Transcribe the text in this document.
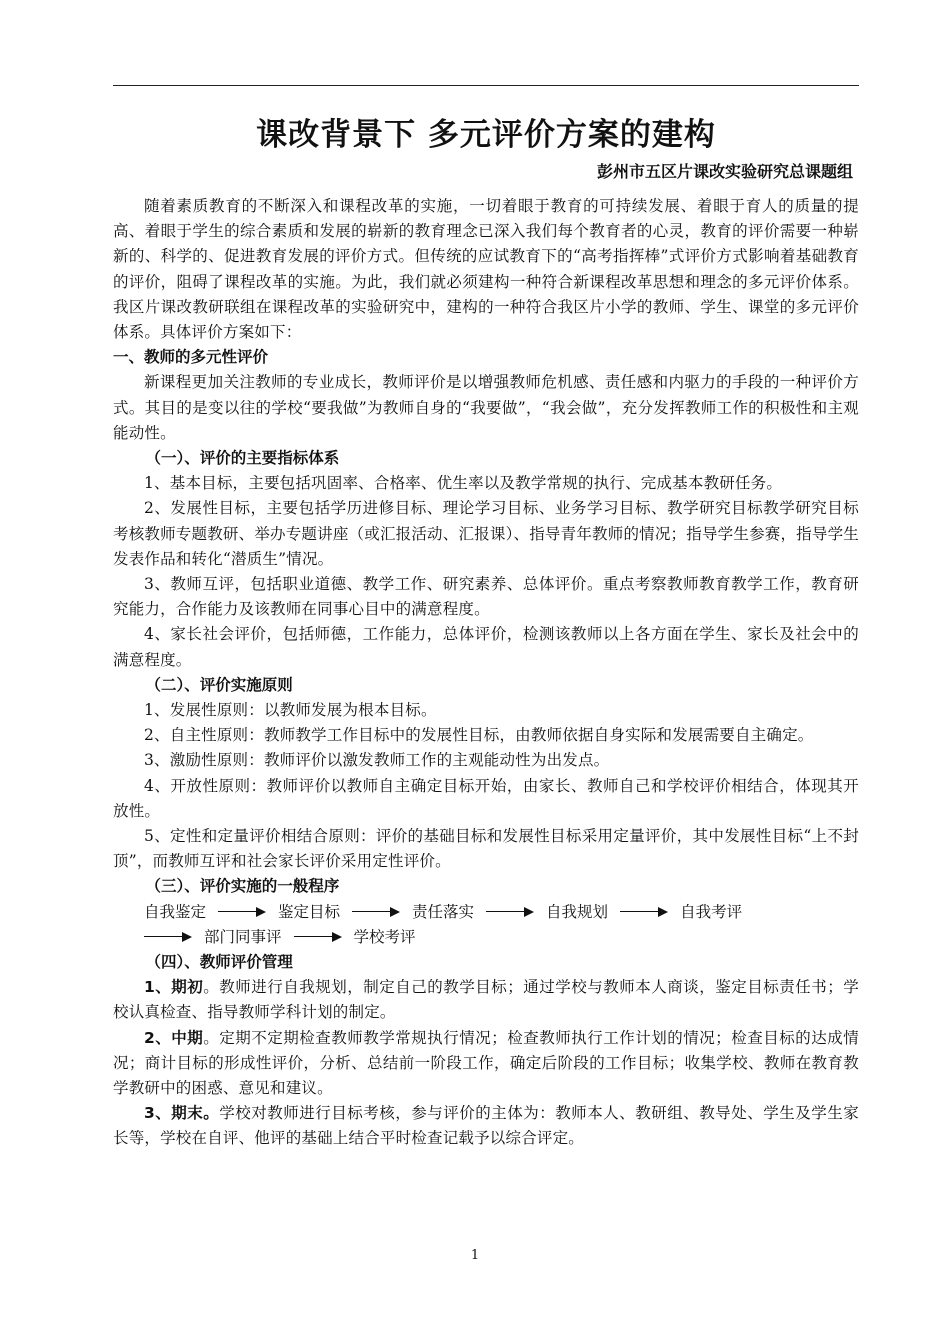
课改背景下 多元评价方案的建构
彭州市五区片课改实验研究总课题组

随着素质教育的不断深入和课程改革的实施，一切着眼于教育的可持续发展、着眼于育人的质量的提高、着眼于学生的综合素质和发展的崭新的教育理念已深入我们每个教育者的心灵，教育的评价需要一种崭新的、科学的、促进教育发展的评价方式。但传统的应试教育下的“高考指挥棒”式评价方式影响着基础教育的评价，阻碍了课程改革的实施。为此，我们就必须建构一种符合新课程改革思想和理念的多元评价体系。我区片课改教研联组在课程改革的实验研究中，建构的一种符合我区片小学的教师、学生、课堂的多元评价体系。具体评价方案如下：

一、教师的多元性评价

新课程更加关注教师的专业成长，教师评价是以增强教师危机感、责任感和内驱力的手段的一种评价方式。其目的是变以往的学校“要我做”为教师自身的“我要做”，“我会做”，充分发挥教师工作的积极性和主观能动性。

（一）、评价的主要指标体系

1、基本目标，主要包括巩固率、合格率、优生率以及教学常规的执行、完成基本教研任务。

2、发展性目标，主要包括学历进修目标、理论学习目标、业务学习目标、教学研究目标教学研究目标考核教师专题教研、举办专题讲座（或汇报活动、汇报课）、指导青年教师的情况；指导学生参赛，指导学生发表作品和转化“潜质生”情况。

3、教师互评，包括职业道德、教学工作、研究素养、总体评价。重点考察教师教育教学工作，教育研究能力，合作能力及该教师在同事心目中的满意程度。

4、家长社会评价，包括师德，工作能力，总体评价，检测该教师以上各方面在学生、家长及社会中的满意程度。

（二）、评价实施原则

1、发展性原则：以教师发展为根本目标。

2、自主性原则：教师教学工作目标中的发展性目标，由教师依据自身实际和发展需要自主确定。

3、激励性原则：教师评价以激发教师工作的主观能动性为出发点。

4、开放性原则：教师评价以教师自主确定目标开始，由家长、教师自己和学校评价相结合，体现其开放性。

5、定性和定量评价相结合原则：评价的基础目标和发展性目标采用定量评价，其中发展性目标“上不封顶”，而教师互评和社会家长评价采用定性评价。

（三）、评价实施的一般程序

自我鉴定	鉴定目标	责任落实	自我规划	自我考评
部门同事评	学校考评

（四）、教师评价管理

1、期初。教师进行自我规划，制定自己的教学目标；通过学校与教师本人商谈，鉴定目标责任书；学校认真检查、指导教师学科计划的制定。

2、中期。定期不定期检查教师教学常规执行情况；检查教师执行工作计划的情况；检查目标的达成情况；商计目标的形成性评价，分析、总结前一阶段工作，确定后阶段的工作目标；收集学校、教师在教育教学教研中的困惑、意见和建议。

3、期末。学校对教师进行目标考核，参与评价的主体为：教师本人、教研组、教导处、学生及学生家长等，学校在自评、他评的基础上结合平时检查记载予以综合评定。

1
